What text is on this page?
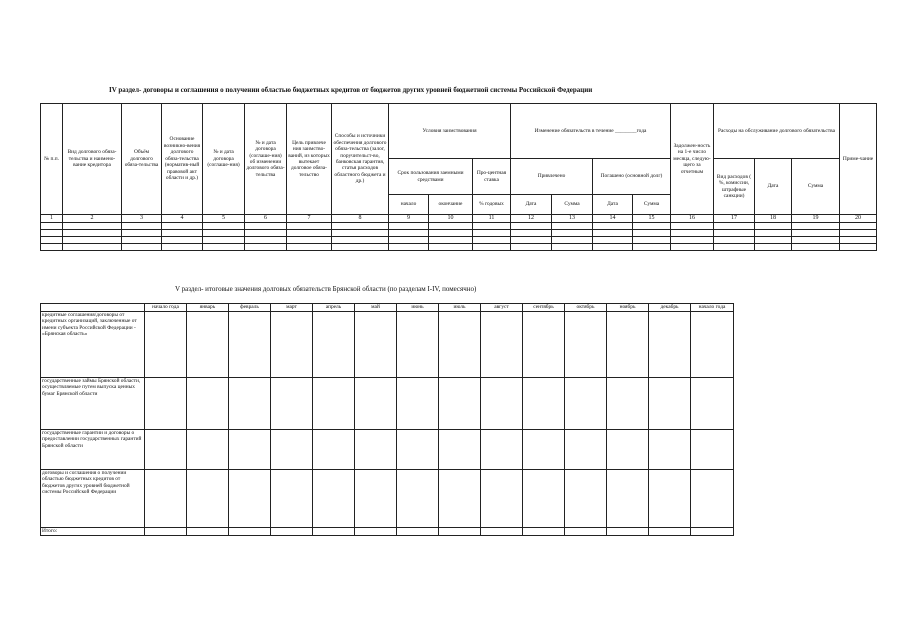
IV раздел- договоры и соглашения о получении областью бюджетных кредитов от бюджетов других уровней бюджетной системы Российской Федерации
№ п.п.	Вид долгового обяза-тельства и наимено-вание кредитора	Объём долгового обяза-тельства	Основание возникно-вения долгового обяза-тельства (норматив-ный правовой акт области и др.)	№ и дата договора (соглаше-ния)	№ и дата договора (соглаше-ния) об изменении долгового обяза-тельства	Цель привлече ния заимство-ваний, из которых вытекает долговое обяза-тельство	Способы и источники обеспечения долгового обяза-тельства (залог, поручительст-во, банковская гарантия, статья расходов областного бюджета и др.)	Условия заимствования			Изменение обязательств в течение ________года				Задолжен-ность на 1-е число месяца, следую-щего за отчетным	Расходы на обслуживание долгового обязательства			Приме-чание
								Срок пользования заемными средствами		Про-центная ставка	Привлечено		Погашено (основной долг)			Вид расходов ( %, комиссии, штрафные санкции)	Дата	Сумма	
								начало	окончание	% годовых	Дата	Сумма	Дата	Сумма					
1	2	3	4	5	6	7	8	9	10	11	12	13	14	15	16	17	18	19	20

V раздел- итоговые значения долговых обязательств Брянской области (по разделам I-IV, помесячно)
	начало года	январь	февраль	март	апрель	май	июнь	июль	август	сентябрь	октябрь	ноябрь	декабрь	начало года
кредитные соглашения/договоры от кредитных организаций, заключенные от имени субъекта Российской Федерации - «Брянская область»														
государственные займы Брянской области, осуществляемые путем выпуска ценных бумаг Брянской области														
государственные гарантии и договоры о предоставлении государственных гарантий Брянской области														
договоры и соглашения о получении областью бюджетных кредитов от бюджетов других уровней бюджетной системы Российской Федерации														
Итого:														
